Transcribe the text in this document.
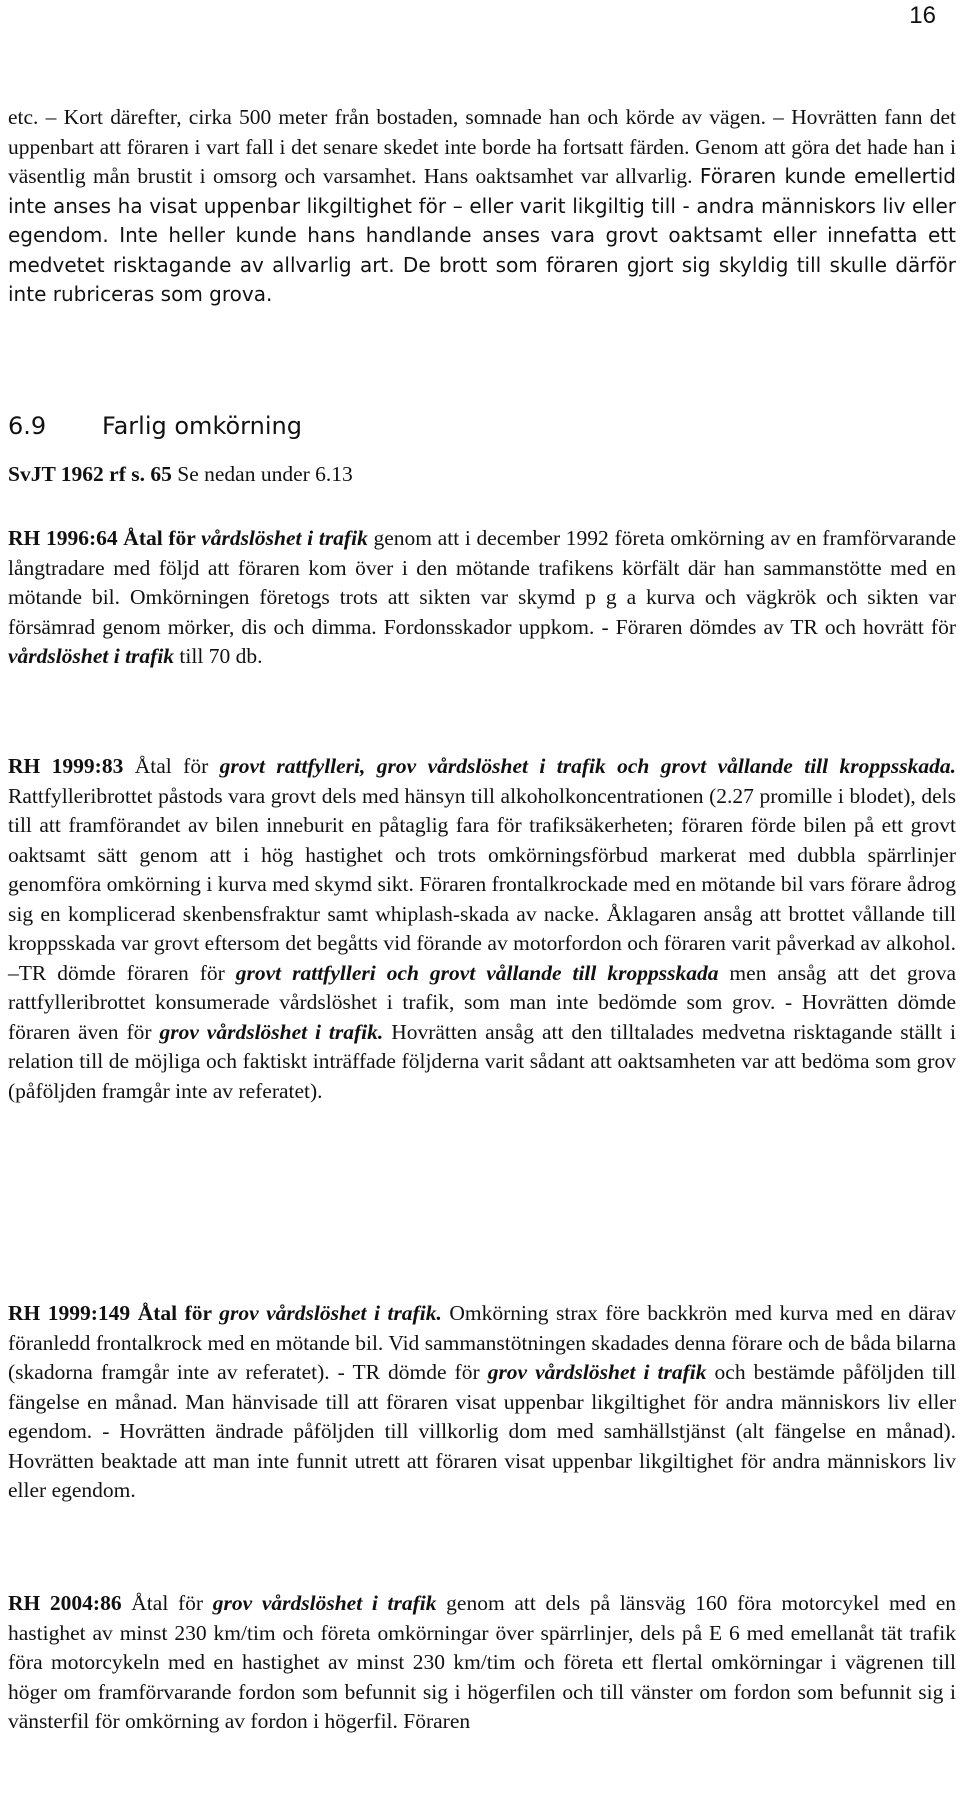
16

etc. – Kort därefter, cirka 500 meter från bostaden, somnade han och körde av vägen. – Hovrätten fann det uppenbart att föraren i vart fall i det senare skedet inte borde ha fortsatt färden. Genom att göra det hade han i väsentlig mån brustit i omsorg och varsamhet. Hans oaktsamhet var allvarlig. Föraren kunde emellertid inte anses ha visat uppenbar likgiltighet för – eller varit likgiltig till - andra människors liv eller egendom. Inte heller kunde hans handlande anses vara grovt oaktsamt eller innefatta ett medvetet risktagande av allvarlig art. De brott som föraren gjort sig skyldig till skulle därför inte rubriceras som grova.

6.9 Farlig omkörning
SvJT 1962 rf s. 65 Se nedan under 6.13

RH 1996:64 Åtal för vårdslöshet i trafik genom att i december 1992 företa omkörning av en framförvarande långtradare med följd att föraren kom över i den mötande trafikens körfält där han sammanstötte med en mötande bil. Omkörningen företogs trots att sikten var skymd p g a kurva och vägkrök och sikten var försämrad genom mörker, dis och dimma. Fordonsskador uppkom. - Föraren dömdes av TR och hovrätt för vårdslöshet i trafik till 70 db.

RH 1999:83 Åtal för grovt rattfylleri, grov vårdslöshet i trafik och grovt vållande till kroppsskada. Rattfylleribrottet påstods vara grovt dels med hänsyn till alkoholkoncentrationen (2.27 promille i blodet), dels till att framförandet av bilen inneburit en påtaglig fara för trafiksäkerheten; föraren förde bilen på ett grovt oaktsamt sätt genom att i hög hastighet och trots omkörningsförbud markerat med dubbla spärrlinjer genomföra omkörning i kurva med skymd sikt. Föraren frontalkrockade med en mötande bil vars förare ådrog sig en komplicerad skenbensfraktur samt whiplash-skada av nacke. Åklagaren ansåg att brottet vållande till kroppsskada var grovt eftersom det begåtts vid förande av motorfordon och föraren varit påverkad av alkohol. –TR dömde föraren för grovt rattfylleri och grovt vållande till kroppsskada men ansåg att det grova rattfylleribrottet konsumerade vårdslöshet i trafik, som man inte bedömde som grov. - Hovrätten dömde föraren även för grov vårdslöshet i trafik. Hovrätten ansåg att den tilltalades medvetna risktagande ställt i relation till de möjliga och faktiskt inträffade följderna varit sådant att oaktsamheten var att bedöma som grov (påföljden framgår inte av referatet).

RH 1999:149 Åtal för grov vårdslöshet i trafik. Omkörning strax före backkrön med kurva med en därav föranledd frontalkrock med en mötande bil. Vid sammanstötningen skadades denna förare och de båda bilarna (skadorna framgår inte av referatet). - TR dömde för grov vårdslöshet i trafik och bestämde påföljden till fängelse en månad. Man hänvisade till att föraren visat uppenbar likgiltighet för andra människors liv eller egendom. - Hovrätten ändrade påföljden till villkorlig dom med samhällstjänst (alt fängelse en månad). Hovrätten beaktade att man inte funnit utrett att föraren visat uppenbar likgiltighet för andra människors liv eller egendom.

RH 2004:86 Åtal för grov vårdslöshet i trafik genom att dels på länsväg 160 föra motorcykel med en hastighet av minst 230 km/tim och företa omkörningar över spärrlinjer, dels på E 6 med emellanåt tät trafik föra motorcykeln med en hastighet av minst 230 km/tim och företa ett flertal omkörningar i vägrenen till höger om framförvarande fordon som befunnit sig i högerfilen och till vänster om fordon som befunnit sig i vänsterfil för omkörning av fordon i högerfil. Föraren
